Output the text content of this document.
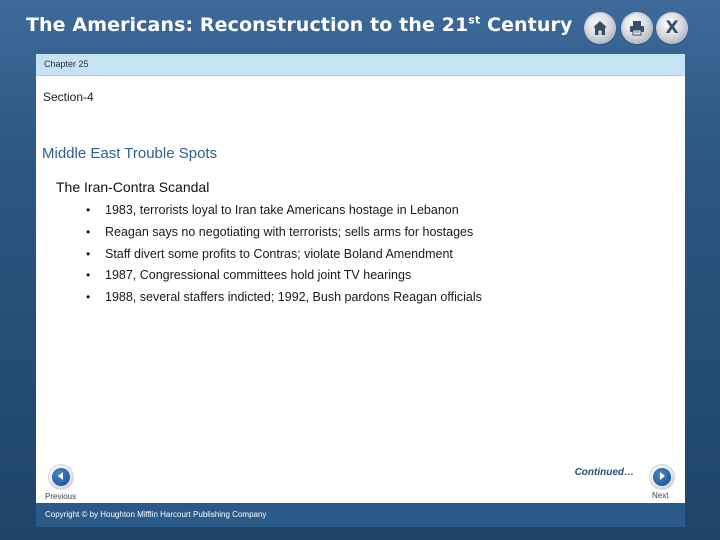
The Americans: Reconstruction to the 21st Century	X
Chapter 25
Section-4
Middle East Trouble Spots
The Iran-Contra Scandal
• 1983, terrorists loyal to Iran take Americans hostage in Lebanon
• Reagan says no negotiating with terrorists; sells arms for hostages
• Staff divert some profits to Contras; violate Boland Amendment
• 1987, Congressional committees hold joint TV hearings
• 1988, several staffers indicted; 1992, Bush pardons Reagan officials
Continued…
Previous	Next
Copyright © by Houghton Mifflin Harcourt Publishing Company
